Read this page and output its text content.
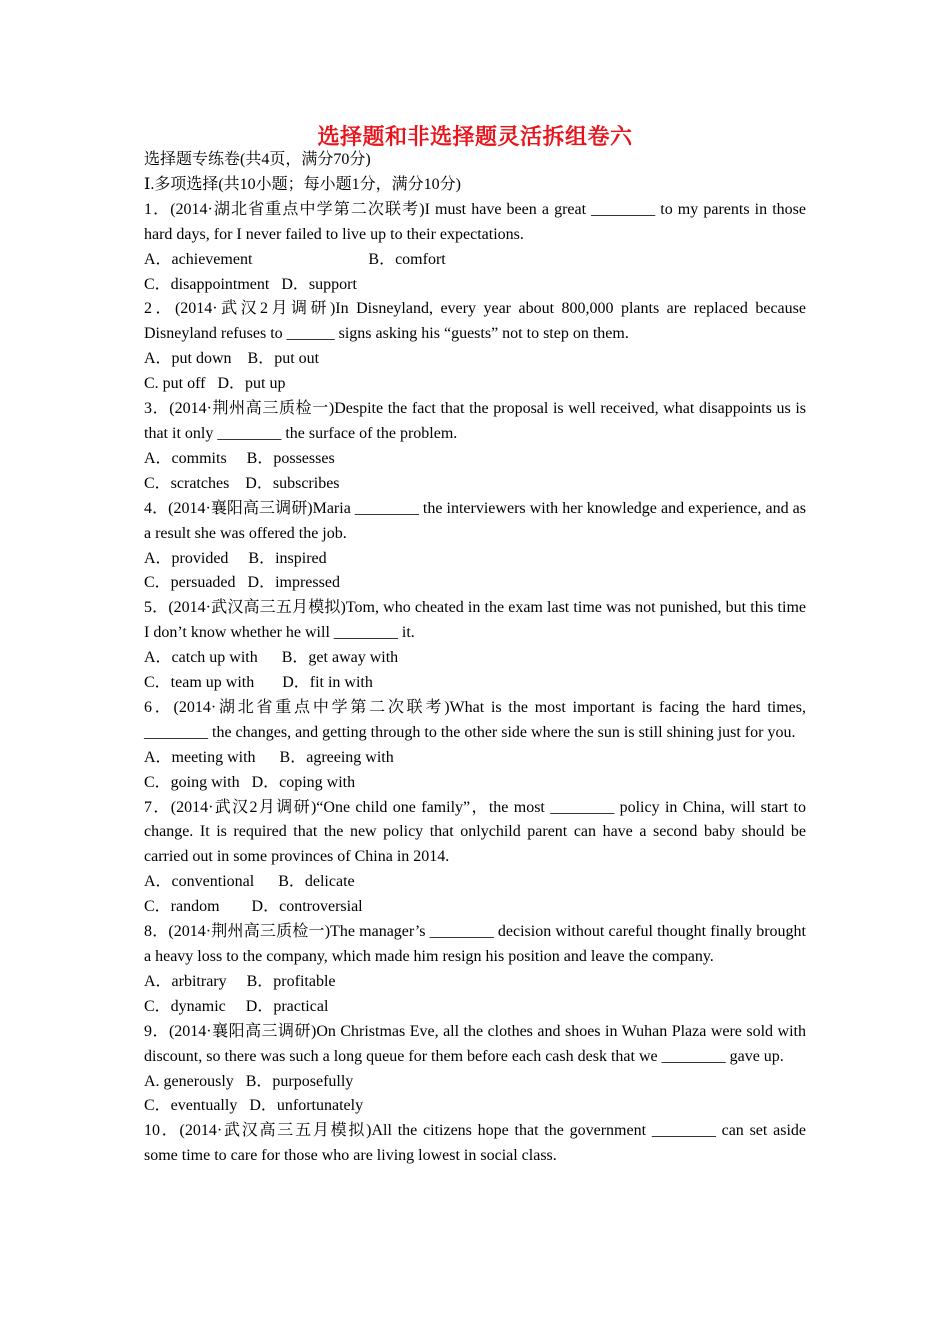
选择题和非选择题灵活拆组卷六

选择题专练卷(共4页，满分70分)

Ⅰ.多项选择(共10小题；每小题1分，满分10分)

1．(2014·湖北省重点中学第二次联考)I must have been a great ________ to my parents in those hard days, for I never failed to live up to their expectations.

A．achievement                             B．comfort

C．disappointment   D．support

2．(2014·武汉2月调研)In Disneyland, every year about 800,000 plants are replaced because Disneyland refuses to ______ signs asking his “guests” not to step on them.

A．put down    B．put out

C. put off   D．put up

3．(2014·荆州高三质检一)Despite the fact that the proposal is well received, what disappoints us is that it only ________ the surface of the problem.

A．commits     B．possesses

C．scratches    D．subscribes

4．(2014·襄阳高三调研)Maria ________ the interviewers with her knowledge and experience, and as a result she was offered the job.

A．provided     B．inspired

C．persuaded   D．impressed

5．(2014·武汉高三五月模拟)Tom, who cheated in the exam last time was not punished, but this time I don’t know whether he will ________ it.

A．catch up with      B．get away with

C．team up with       D．fit in with

6．(2014·湖北省重点中学第二次联考)What is the most important is facing the hard times, ________ the changes, and getting through to the other side where the sun is still shining just for you.

A．meeting with      B．agreeing with

C．going with   D．coping with

7．(2014·武汉2月调研)“One child one family”，the most ________ policy in China, will start to change. It is required that the new policy that onlychild parent can have a second baby should be carried out in some provinces of China in 2014.

A．conventional      B．delicate

C．random        D．controversial

8．(2014·荆州高三质检一)The manager’s ________ decision without careful thought finally brought a heavy loss to the company, which made him resign his position and leave the company.

A．arbitrary     B．profitable

C．dynamic     D．practical

9．(2014·襄阳高三调研)On Christmas Eve, all the clothes and shoes in Wuhan Plaza were sold with discount, so there was such a long queue for them before each cash desk that we ________ gave up.

A. generously   B．purposefully

C．eventually   D．unfortunately

10．(2014·武汉高三五月模拟)All the citizens hope that the government ________ can set aside some time to care for those who are living lowest in social class.
